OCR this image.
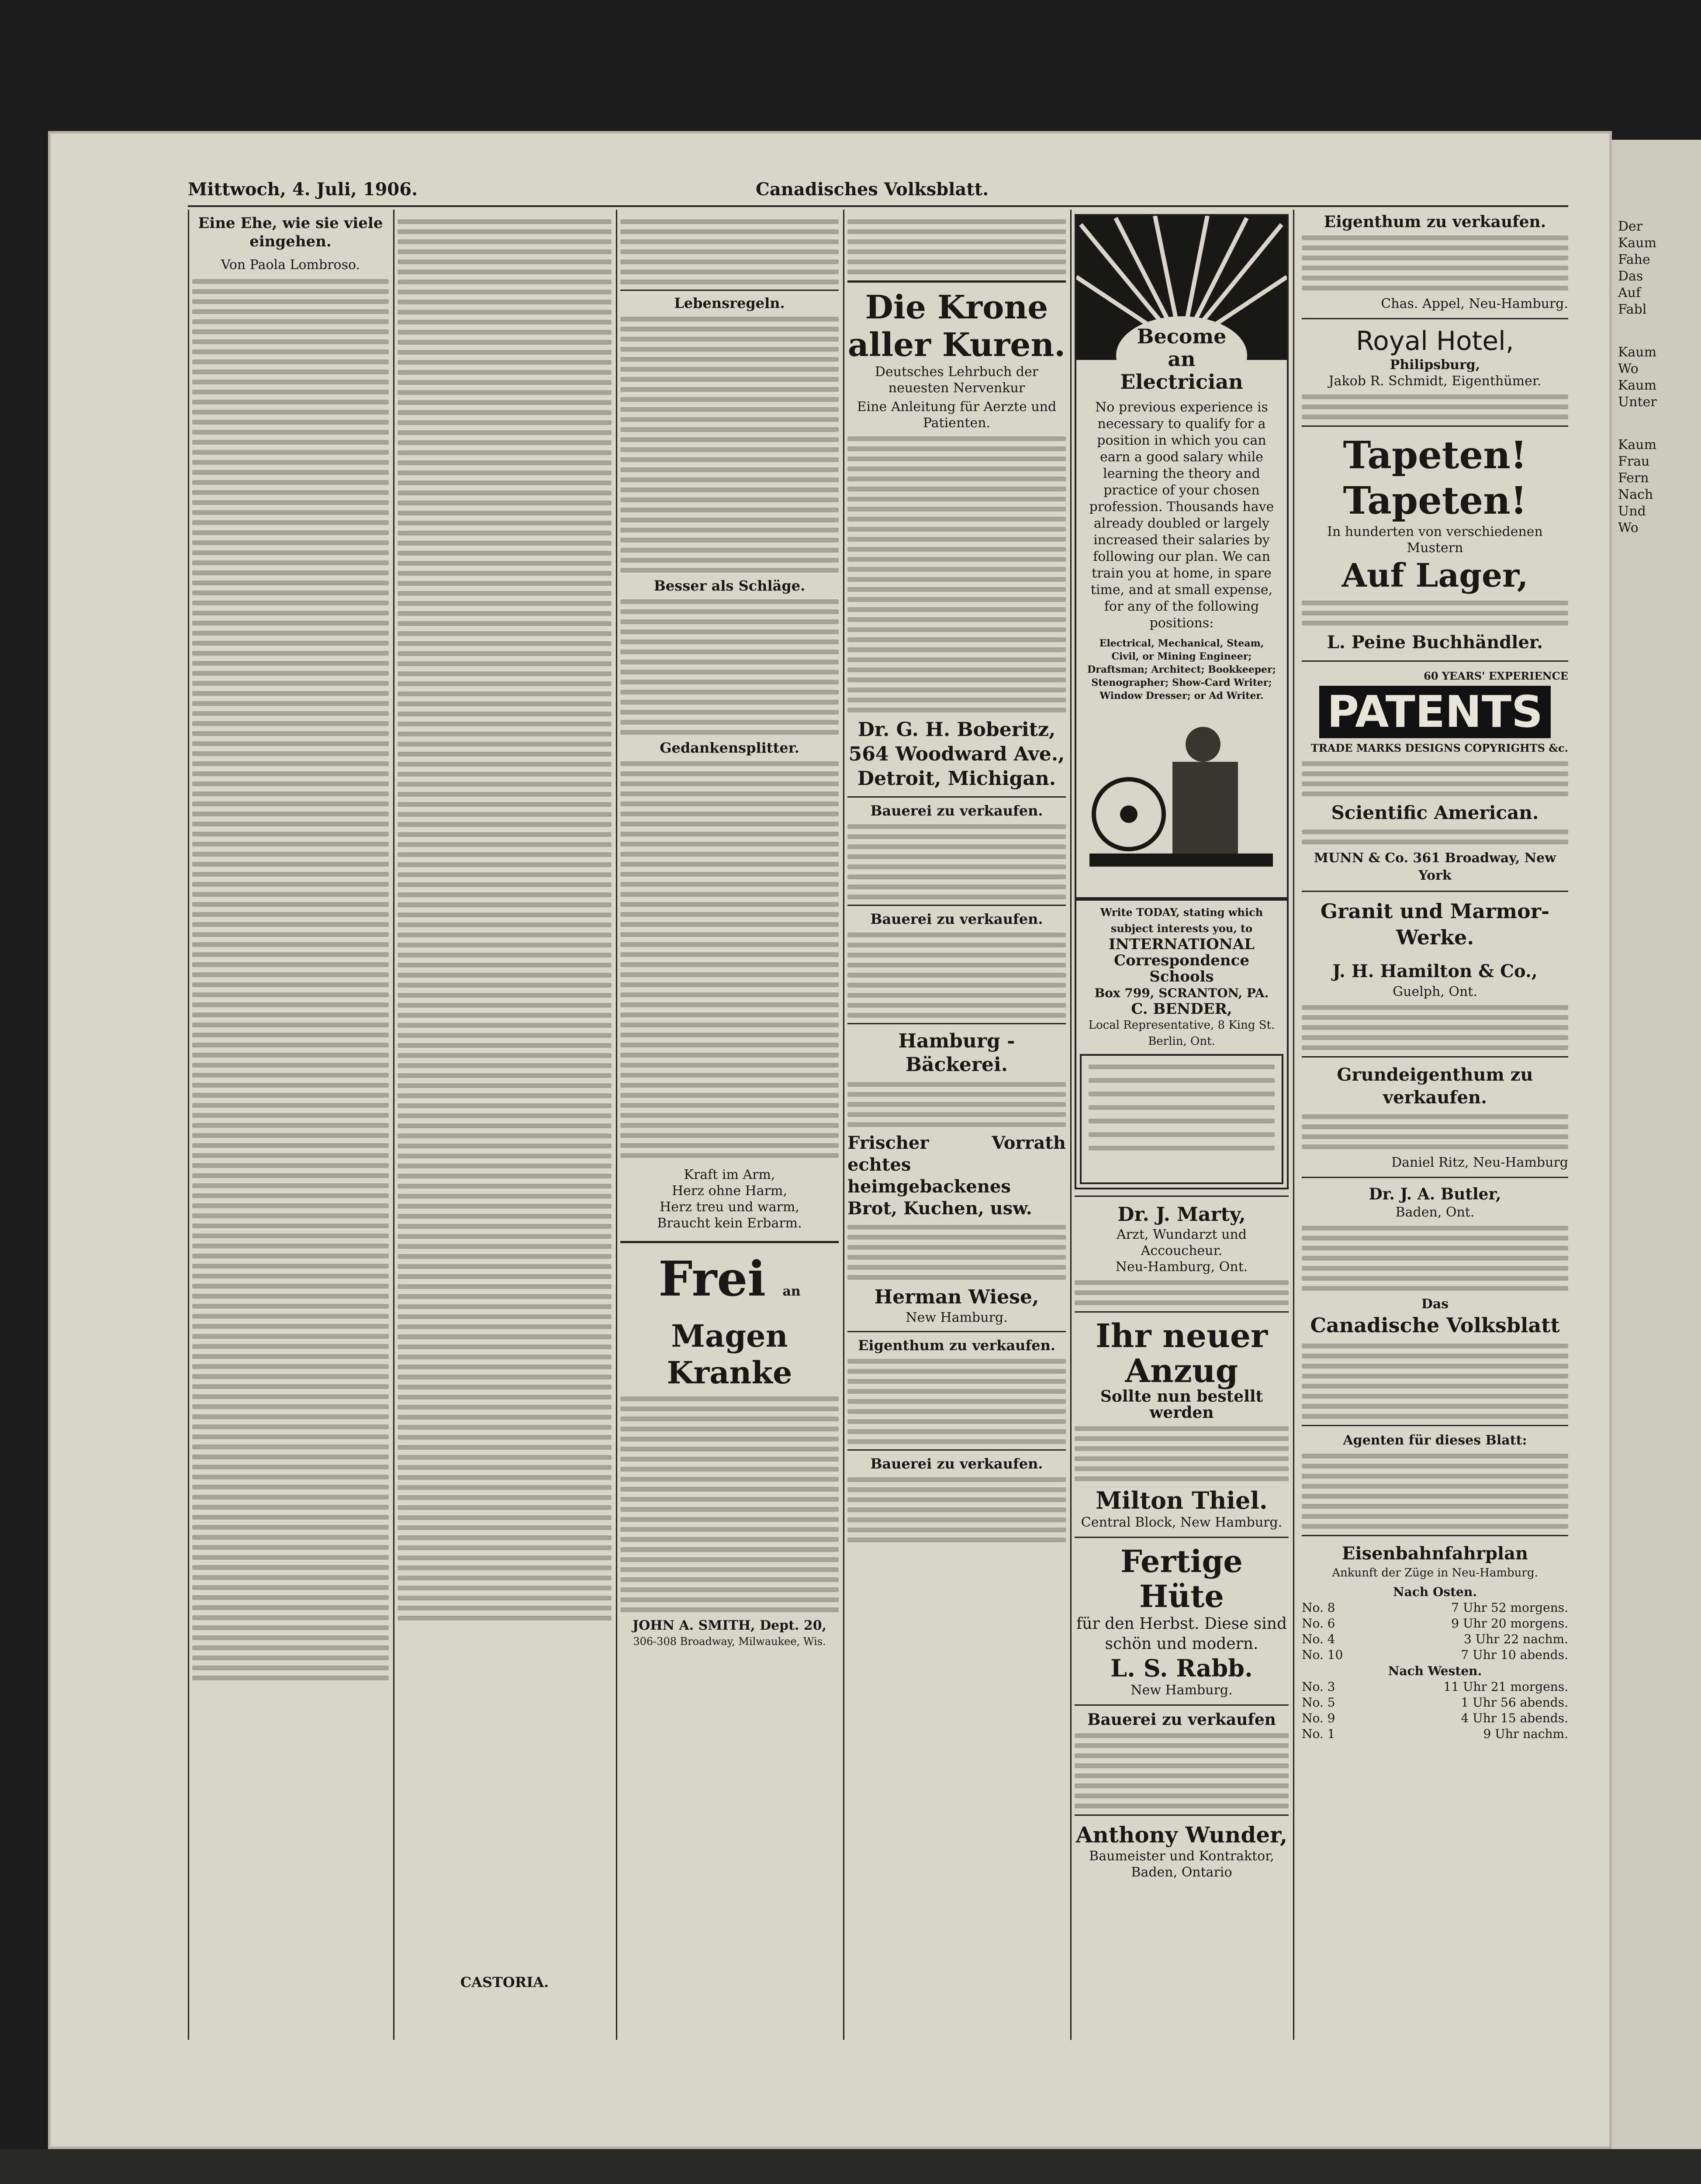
Eine Ehe, wie sie viele eingehen.
Von Paola Lombroso.
CASTORIA.
Lebensregeln.
Besser als Schläge.
Gedankensplitter.
Kraft im Arm,
Herz ohne Harm,
Herz treu und warm,
Braucht kein Erbarm.
Frei an
Magen Kranke
JOHN A. SMITH, Dept. 20,
306-308 Broadway, Milwaukee, Wis.
Die Krone aller Kuren.
Deutsches Lehrbuch der neuesten Nervenkur
Eine Anleitung für Aerzte und Patienten.
Dr. G. H. Boberitz,
564 Woodward Ave.,
Detroit, Michigan.
Bauerei zu verkaufen.
Bauerei zu verkaufen.
Hamburg - Bäckerei.
Frischer Vorrath echtes heimgebackenes Brot, Kuchen, usw.
Herman Wiese,
New Hamburg.
Eigenthum zu verkaufen.
Bauerei zu verkaufen.
Become
an
Electrician
No previous experience is necessary to qualify for a position in which you can earn a good salary while learning the theory and practice of your chosen profession. Thousands have already doubled or largely increased their salaries by following our plan. We can train you at home, in spare time, and at small expense, for any of the following positions:
Electrical, Mechanical, Steam, Civil, or Mining Engineer; Draftsman; Architect; Bookkeeper; Stenographer; Show-Card Writer; Window Dresser; or Ad Writer.
Write TODAY, stating which subject interests you, to
INTERNATIONAL Correspondence Schools
Box 799, SCRANTON, PA.
C. BENDER,
Local Representative, 8 King St. Berlin, Ont.
Dr. J. Marty,
Arzt, Wundarzt und Accoucheur.
Neu-Hamburg, Ont.
Ihr neuer Anzug
Sollte nun bestellt werden
Milton Thiel.
Central Block, New Hamburg.
Fertige Hüte
für den Herbst. Diese sind schön und modern.
L. S. Rabb.
New Hamburg.
Bauerei zu verkaufen
Anthony Wunder,
Baumeister und Kontraktor,
Baden, Ontario
Eigenthum zu verkaufen.
Chas. Appel, Neu-Hamburg.
Royal Hotel,
Philipsburg,
Jakob R. Schmidt, Eigenthümer.
Tapeten! Tapeten!
In hunderten von verschiedenen Mustern
Auf Lager,
L. Peine Buchhändler.
60 YEARS' EXPERIENCE
PATENTS
TRADE MARKS DESIGNS COPYRIGHTS &c.
Scientific American.
MUNN & Co. 361 Broadway, New York
Granit und Marmor-Werke.
J. H. Hamilton & Co.,
Guelph, Ont.
Grundeigenthum zu verkaufen.
Daniel Ritz, Neu-Hamburg
Dr. J. A. Butler,
Baden, Ont.
Das
Canadische Volksblatt
Agenten für dieses Blatt:
Eisenbahnfahrplan
Ankunft der Züge in Neu-Hamburg.
Nach Osten.
No. 8	7 Uhr 52 morgens.
No. 6	9 Uhr 20 morgens.
No. 4	3 Uhr 22 nachm.
No. 10	7 Uhr 10 abends.
Nach Westen.
No. 3	11 Uhr 21 morgens.
No. 5	1 Uhr 56 abends.
No. 9	4 Uhr 15 abends.
No. 1	9 Uhr nachm.
Mittwoch, 4. Juli, 1906.	Canadisches Volksblatt.
Der
Kaum
Fahe
Das
Auf
Fabl
Kaum
Wo
Kaum
Unter
Kaum
Frau
Fern
Nach
Und
Wo
